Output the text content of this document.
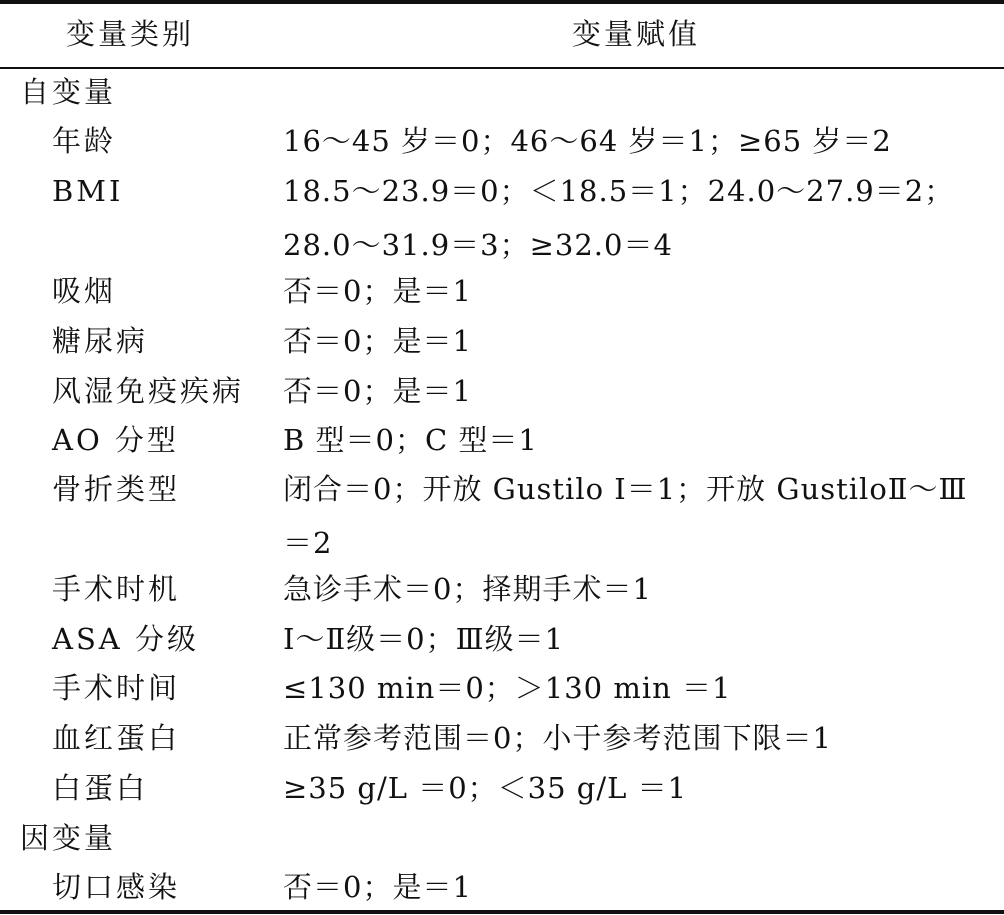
变量类别	变量赋值
自变量
年龄	16～45 岁＝0；46～64 岁＝1；≥65 岁＝2
BMI	18.5～23.9＝0；＜18.5＝1；24.0～27.9＝2；
28.0～31.9＝3；≥32.0＝4
吸烟	否＝0；是＝1
糖尿病	否＝0；是＝1
风湿免疫疾病 否＝0；是＝1
AO 分型	B 型＝0；C 型＝1
骨折类型	闭合＝0；开放 Gustilo Ⅰ＝1；开放 GustiloⅡ～Ⅲ
＝2
手术时机	急诊手术＝0；择期手术＝1
ASA 分级	Ⅰ～Ⅱ级＝0；Ⅲ级＝1
手术时间	≤130 min＝0；＞130 min ＝1
血红蛋白	正常参考范围＝0；小于参考范围下限＝1
白蛋白	≥35 g/L ＝0；＜35 g/L ＝1
因变量
切口感染	否＝0；是＝1
